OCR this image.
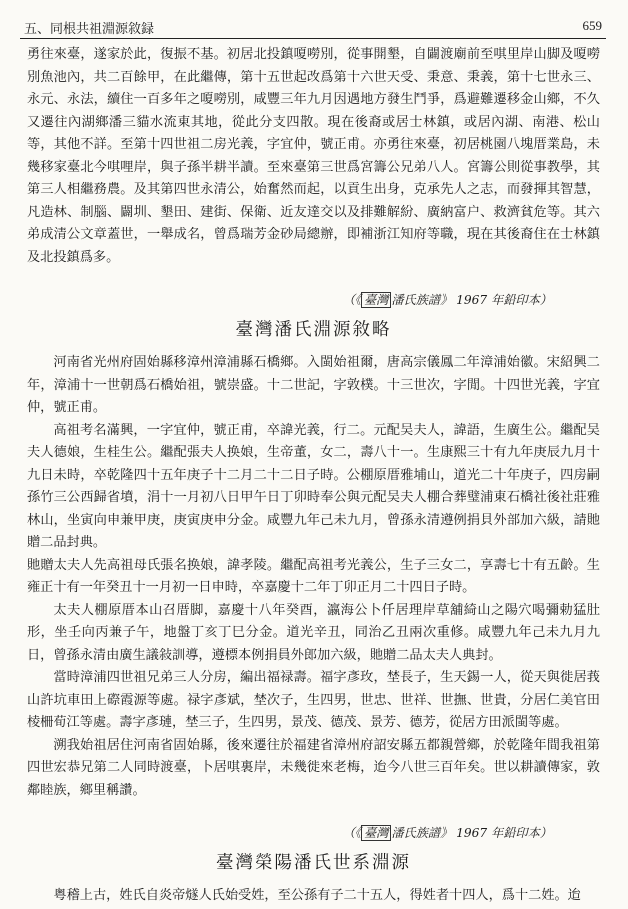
五、同根共祖淵源敘録	659

勇往來臺，遂家於此，復振不基。初居北投鎮嗄嘮別，從事開墾，自闢渡廟前至唭里岸山脚及嗄嘮別魚池內，共二百餘甲，在此繼傳，第十五世起改爲第十六世天受、秉意、秉義，第十七世永三、永元、永法，續住一百多年之嗄嘮別，咸豐三年九月因遇地方發生鬥爭，爲避難遷移金山鄉，不久又遷往內湖鄉潘三貓水流東其地，從此分支四散。現在後裔或居士林鎮，或居內湖、南港、松山等，其他不詳。至第十四世祖二房光義，字宜仲，號正甫。亦勇往來臺，初居桃園八塊厝業島，未幾移家臺北今唭哩岸，與子孫半耕半讀。至來臺第三世爲宮籌公兄弟八人。宮籌公則從事教學，其第三人相繼務農。及其第四世永清公，始奮然而起，以貢生出身，克承先人之志，而發揮其智慧，凡造林、制腦、闢圳、墾田、建街、保衛、近友達交以及排難解紛、廣納富户、救濟貧危等。其六弟成清公文章蓋世，一舉成名，曾爲瑞芳金砂局總辦，即補浙江知府等職，現在其後裔住在士林鎮及北投鎮爲多。

（《 臺灣 潘氏族譜》 1967 年鉛印本）
臺灣潘氏淵源敘略

河南省光州府固始縣移漳州漳浦縣石橋鄉。入閩始祖爾，唐高宗儀鳳二年漳浦始徽。宋紹興二年，漳浦十一世朝爲石橋始祖，號崇盛。十二世記，字敦樸。十三世次，字閒。十四世光義，字宜仲，號正甫。

高祖考名滿興，一字宜仲，號正甫，卒諱光義，行二。元配吴夫人，諱語，生廣生公。繼配吴夫人德娘，生桂生公。繼配張夫人换娘，生帝董，女二，壽八十一。生康熙三十有九年庚辰九月十九日未時，卒乾隆四十五年庚子十二月二十二日子時。公棚原厝雅埔山，道光二十年庚子，四房嗣孫竹三公西歸省墳，涓十一月初八日甲午日丁卯時奉公與元配吴夫人棚合葬璧浦東石橋社後社莊雅林山，坐寅向申兼甲庚，庚寅庚申分金。咸豐九年己未九月，曾孫永清遵例捐貝外部加六級，請貤贈二品封典。

貤贈太夫人先高祖母氏張名换娘，諱孝陵。繼配高祖考光義公，生子三女二，享壽七十有五齡。生雍正十有一年癸丑十一月初一日申時，卒嘉慶十二年丁卯正月二十四日子時。

太夫人棚原厝本山召厝脚，嘉慶十八年癸酉，瀛海公卜仟居理岸草舖綺山之陽穴喝彌勅猛肚形，坐壬向丙兼子午，地盤丁亥丁巳分金。道光辛丑，同治乙丑兩次重修。咸豐九年己未九月九日，曾孫永清由廣生議敍訓導，遵標本例捐員外郎加六級，貤贈二品太夫人典封。

當時漳浦四世祖兄弟三人分房，編出福禄壽。福字彥玫，埜長子，生天錫一人，從天與徙居莪山許坑車田上磜霞源等處。禄字彥斌，埜次子，生四男，世忠、世祥、世撫、世貴，分居仁美官田棱柵荀江等處。壽字彥璉，埜三子，生四男，景茂、德茂、景芳、德芳，從居方田派閩等處。

溯我始祖居住河南省固始縣，後來遷往於福建省漳州府詔安縣五都親營鄉，於乾隆年間我祖第四世宏恭兄第二人同時渡臺，卜居唭裏岸，未幾徙來老梅，迨今八世三百年矣。世以耕讀傳家，敦鄰睦族，鄉里稱讚。

（《 臺灣 潘氏族譜》 1967 年鉛印本）
臺灣榮陽潘氏世系淵源

粤稽上古，姓氏自炎帝燧人氏始受姓，至公孫有子二十五人，得姓者十四人，爲十二姓。迨
